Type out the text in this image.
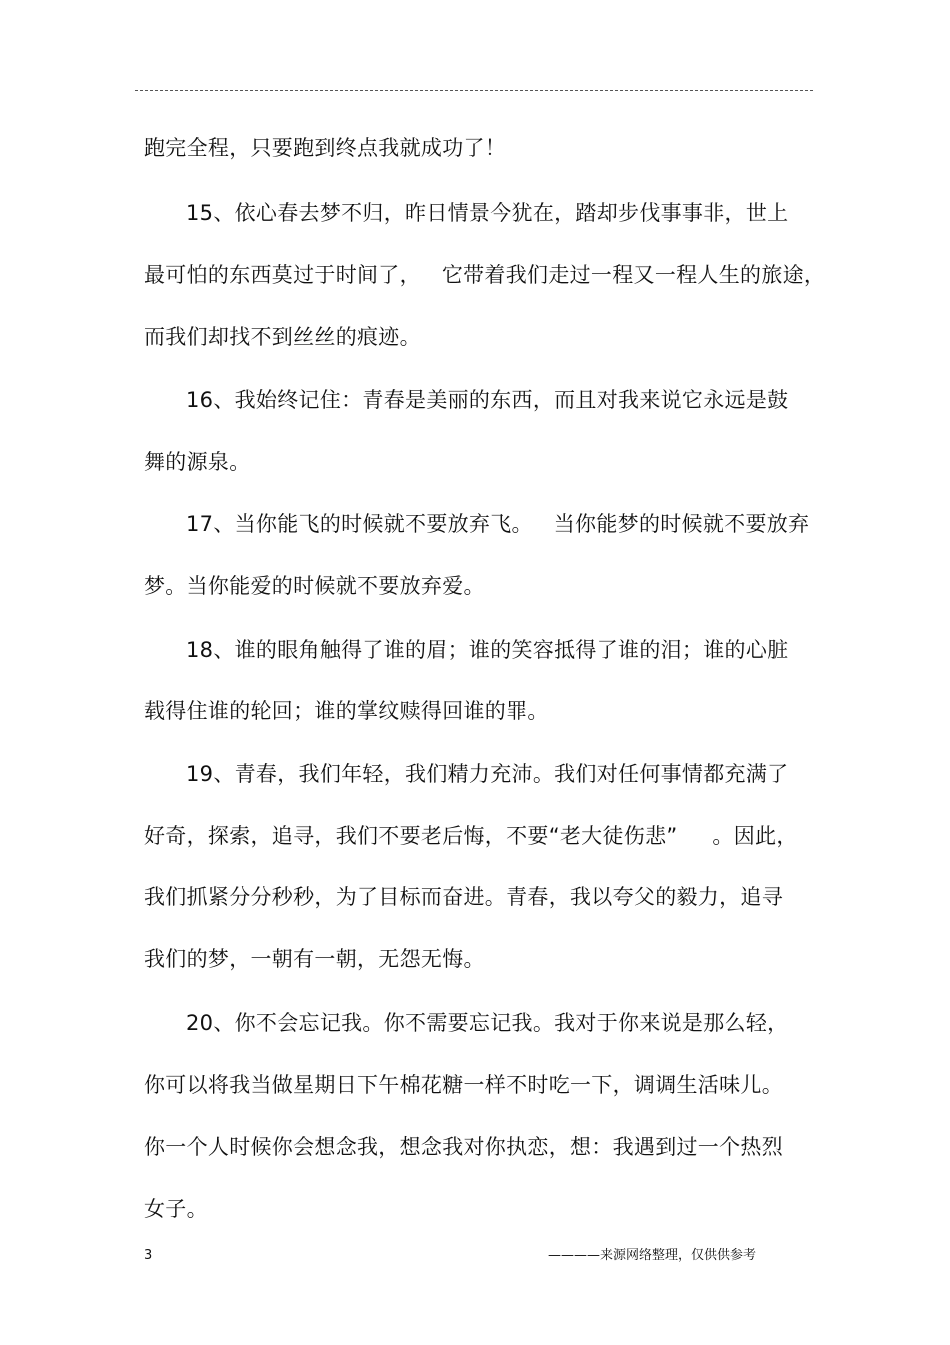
跑完全程，只要跑到终点我就成功了！
15、依心春去梦不归，昨日情景今犹在，踏却步伐事事非，世上
最可怕的东西莫过于时间了，   它带着我们走过一程又一程人生的旅途，
而我们却找不到丝丝的痕迹。
16、我始终记住：青春是美丽的东西，而且对我来说它永远是鼓
舞的源泉。
17、当你能飞的时候就不要放弃飞。   当你能梦的时候就不要放弃
梦。当你能爱的时候就不要放弃爱。
18、谁的眼角触得了谁的眉；谁的笑容抵得了谁的泪；谁的心脏
载得住谁的轮回；谁的掌纹赎得回谁的罪。
19、青春，我们年轻，我们精力充沛。我们对任何事情都充满了
好奇，探索，追寻，我们不要老后悔，不要“老大徒伤悲”     。因此，
我们抓紧分分秒秒，为了目标而奋进。青春，我以夸父的毅力，追寻
我们的梦，一朝有一朝，无怨无悔。
20、你不会忘记我。你不需要忘记我。我对于你来说是那么轻，
你可以将我当做星期日下午棉花糖一样不时吃一下，调调生活味儿。
你一个人时候你会想念我，想念我对你执恋，想：我遇到过一个热烈
女子。
3	————来源网络整理，仅供供参考
